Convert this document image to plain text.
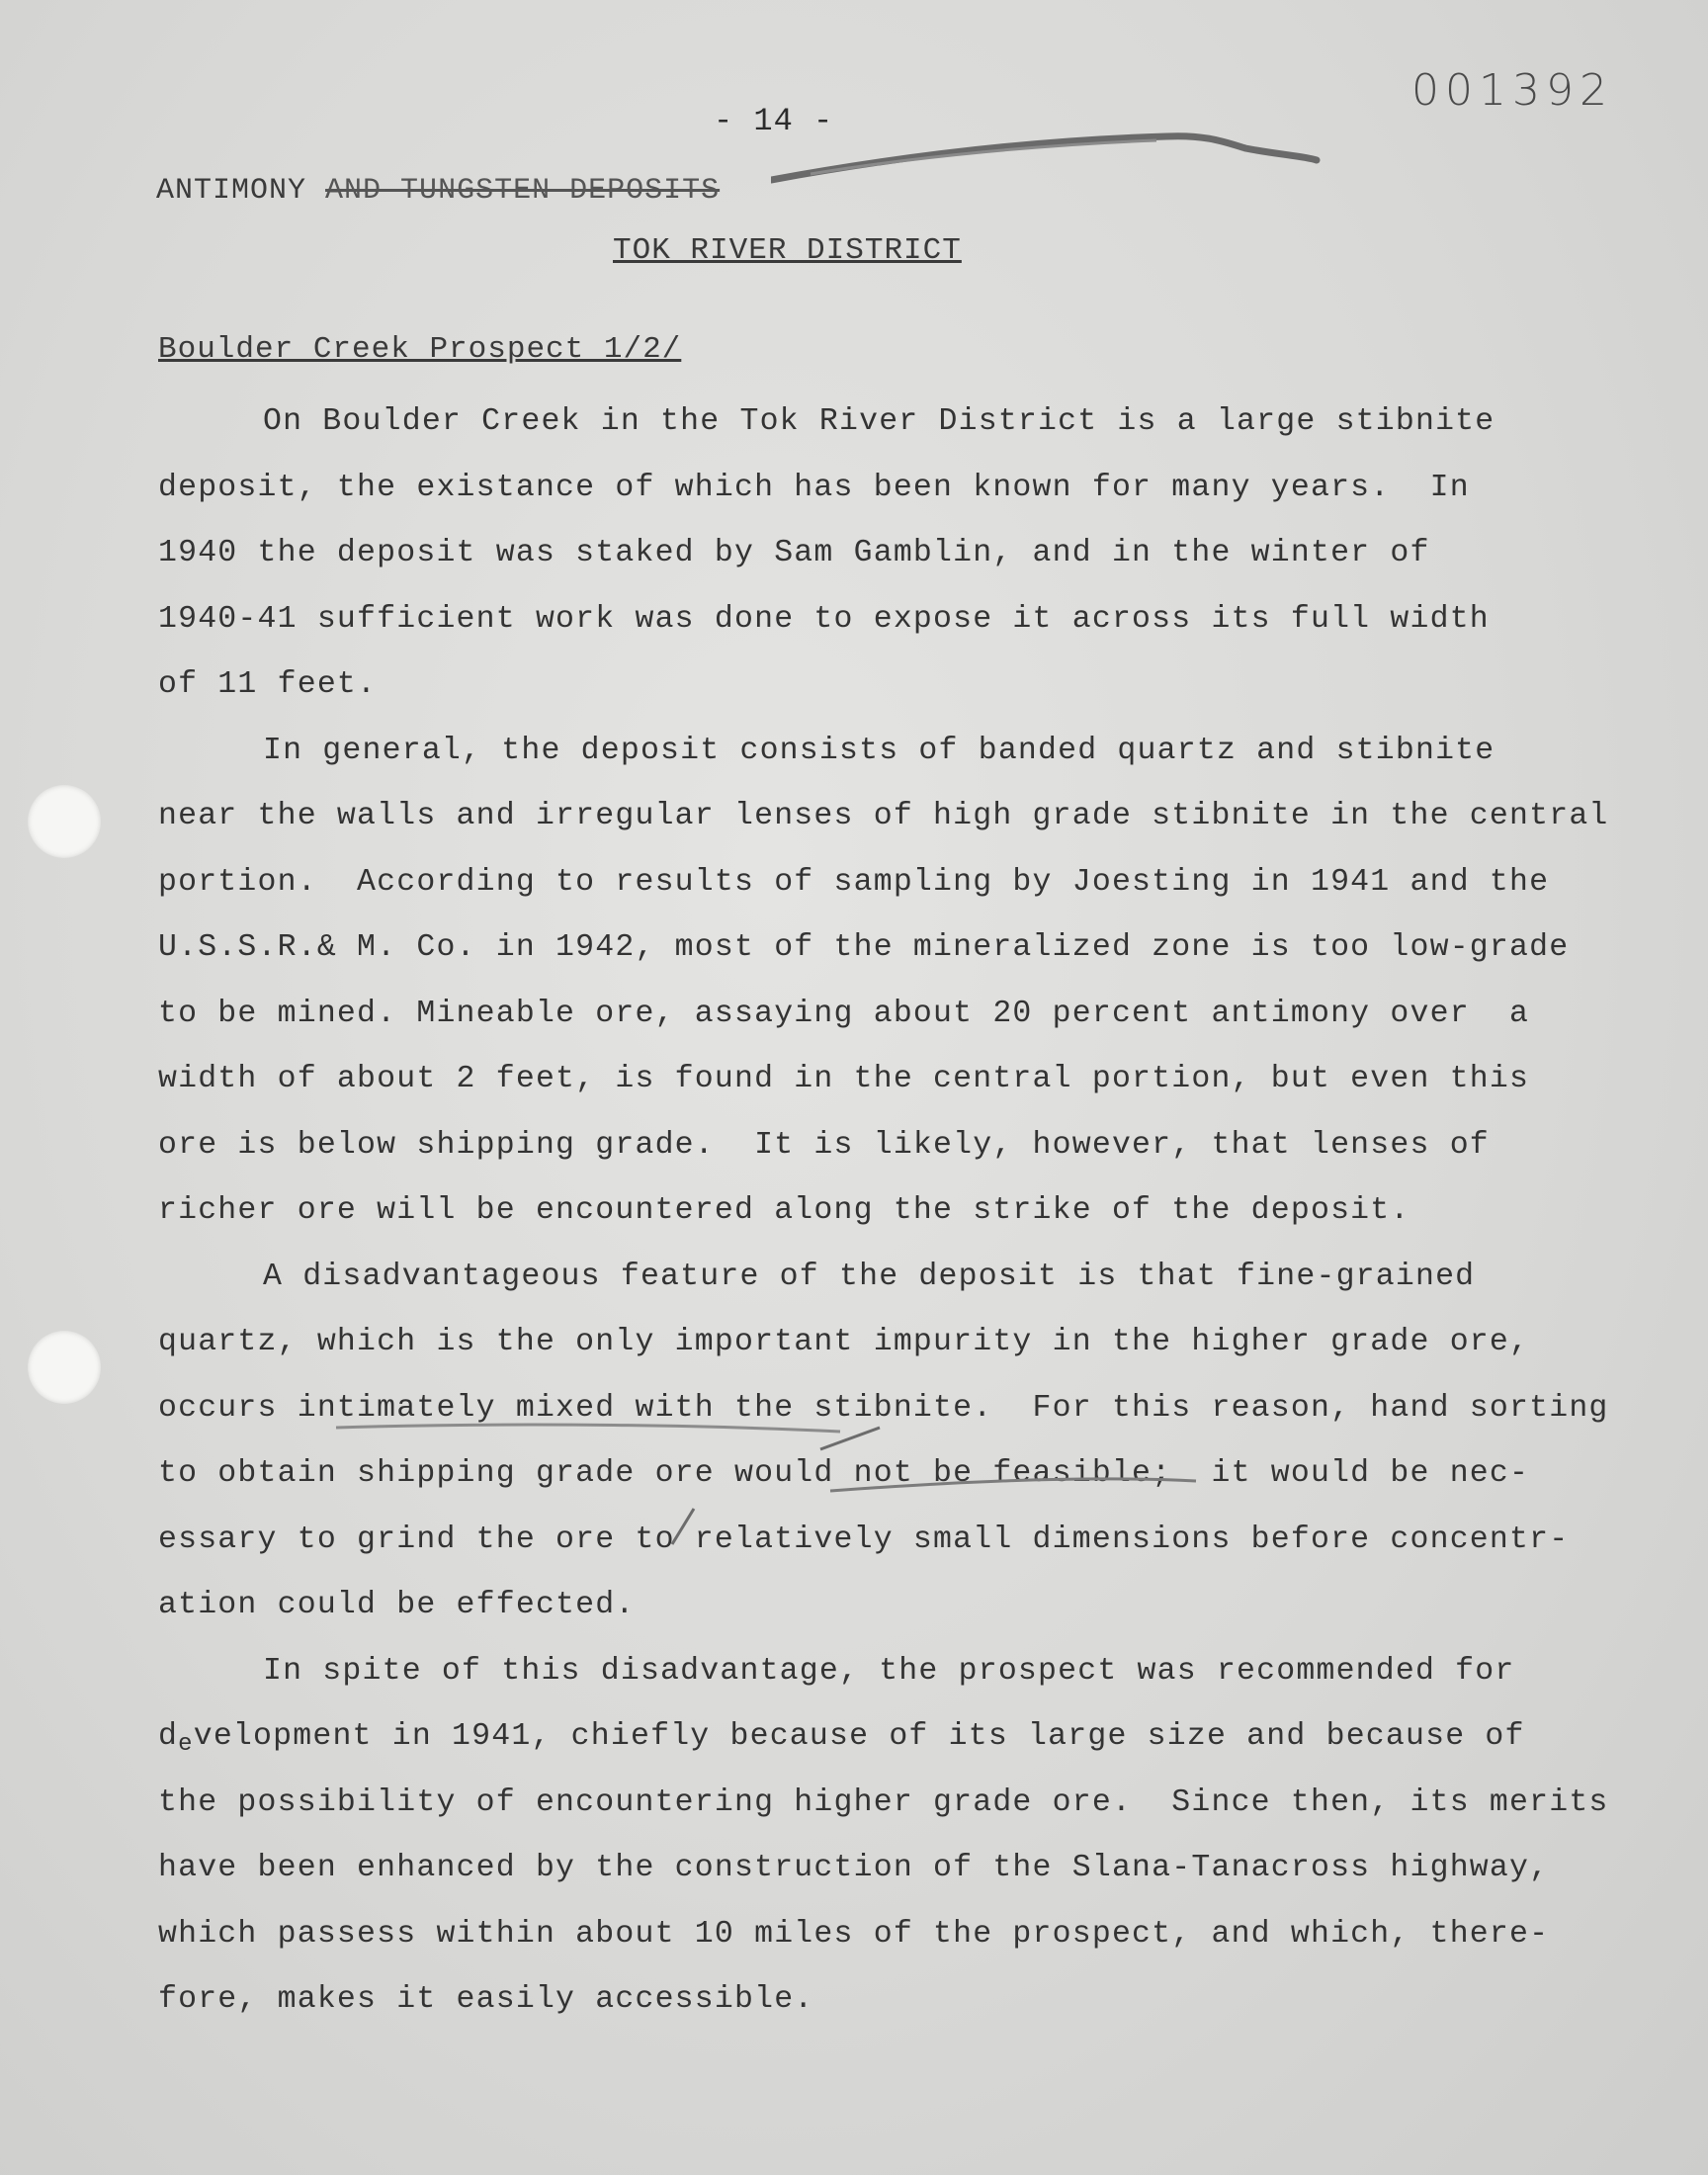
- 14 -
001392
ANTIMONY AND TUNGSTEN DEPOSITS
TOK RIVER DISTRICT
Boulder Creek Prospect 1/2/
On Boulder Creek in the Tok River District is a large stibnite
deposit, the existance of which has been known for many years.  In
1940 the deposit was staked by Sam Gamblin, and in the winter of
1940-41 sufficient work was done to expose it across its full width
of 11 feet.
In general, the deposit consists of banded quartz and stibnite
near the walls and irregular lenses of high grade stibnite in the central
portion.  According to results of sampling by Joesting in 1941 and the
U.S.S.R.& M. Co. in 1942, most of the mineralized zone is too low-grade
to be mined. Mineable ore, assaying about 20 percent antimony over  a
width of about 2 feet, is found in the central portion, but even this
ore is below shipping grade.  It is likely, however, that lenses of
richer ore will be encountered along the strike of the deposit.
A disadvantageous feature of the deposit is that fine-grained
quartz, which is the only important impurity in the higher grade ore,
occurs intimately mixed with the stibnite.  For this reason, hand sorting
to obtain shipping grade ore would not be feasible;  it would be nec-
essary to grind the ore to relatively small dimensions before concentr-
ation could be effected.
In spite of this disadvantage, the prospect was recommended for
development in 1941, chiefly because of its large size and because of
the possibility of encountering higher grade ore.  Since then, its merits
have been enhanced by the construction of the Slana-Tanacross highway,
which passess within about 10 miles of the prospect, and which, there-
fore, makes it easily accessible.
